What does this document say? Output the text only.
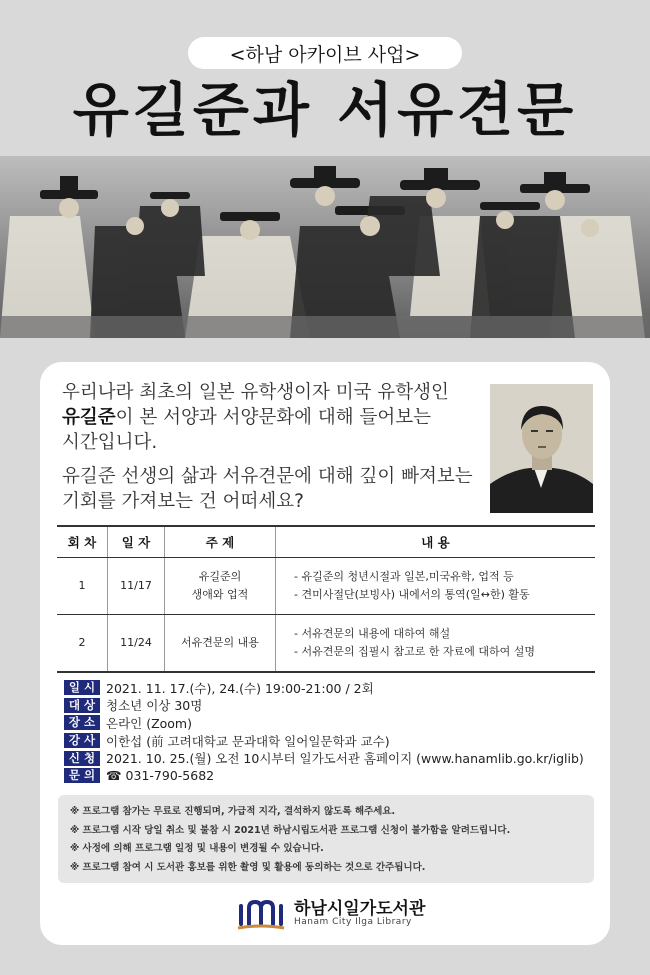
<하남 아카이브 사업>
유길준과 서유견문

우리나라 최초의 일본 유학생이자 미국 유학생인
유길준이 본 서양과 서양문화에 대해 들어보는
시간입니다.

유길준 선생의 삶과 서유견문에 대해 깊이 빠져보는
기회를 가져보는 건 어떠세요?

회 차	일 자	주 제	내 용
1	11/17	유길준의
생애와 업적	- 유길준의 청년시절과 일본,미국유학, 업적 등
- 견미사절단(보빙사) 내에서의 통역(일↔한) 활동
2	11/24	서유견문의 내용	- 서유견문의 내용에 대하여 해설
- 서유견문의 집필시 참고로 한 자료에 대하여 설명
일 시 2021. 11. 17.(수), 24.(수) 19:00-21:00 / 2회
대 상 청소년 이상 30명
장 소 온라인 (Zoom)
강 사 이한섭 (前 고려대학교 문과대학 일어일문학과 교수)
신 청 2021. 10. 25.(월) 오전 10시부터 일가도서관 홈페이지 (www.hanamlib.go.kr/iglib)
문 의 ☎ 031-790-5682
※ 프로그램 참가는 무료로 진행되며, 가급적 지각, 결석하지 않도록 해주세요.
※ 프로그램 시작 당일 취소 및 불참 시 2021년 하남시립도서관 프로그램 신청이 불가함을 알려드립니다.
※ 사정에 의해 프로그램 일정 및 내용이 변경될 수 있습니다.
※ 프로그램 참여 시 도서관 홍보를 위한 촬영 및 활용에 동의하는 것으로 간주됩니다.
하남시일가도서관
Hanam City Ilga Library
